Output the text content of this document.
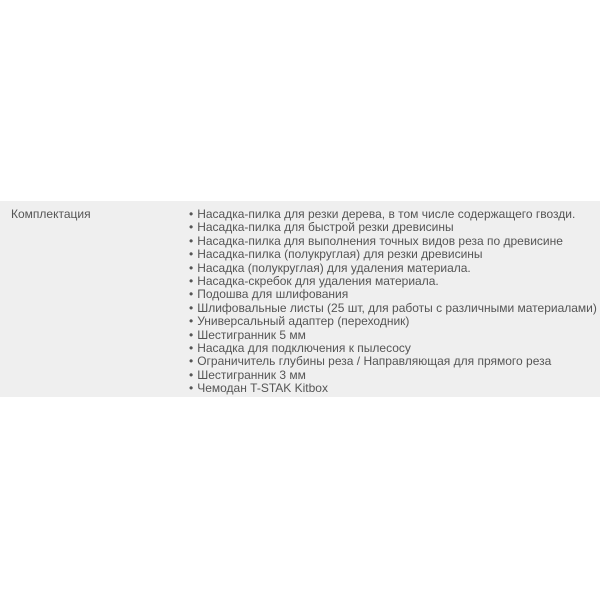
Комплектация	• Насадка-пилка для резки дерева, в том числе содержащего гвозди.
• Насадка-пилка для быстрой резки древисины
• Насадка-пилка для выполнения точных видов реза по древисине
• Насадка-пилка (полукруглая) для резки древисины
• Насадка (полукруглая) для удаления материала.
• Насадка-скребок для удаления материала.
• Подошва для шлифования
• Шлифовальные листы (25 шт, для работы с различными материалами)
• Универсальный адаптер (переходник)
• Шестигранник 5 мм
• Насадка для подключения к пылесосу
• Ограничитель глубины реза / Направляющая для прямого реза
• Шестигранник 3 мм
• Чемодан T-STAK Kitbox
